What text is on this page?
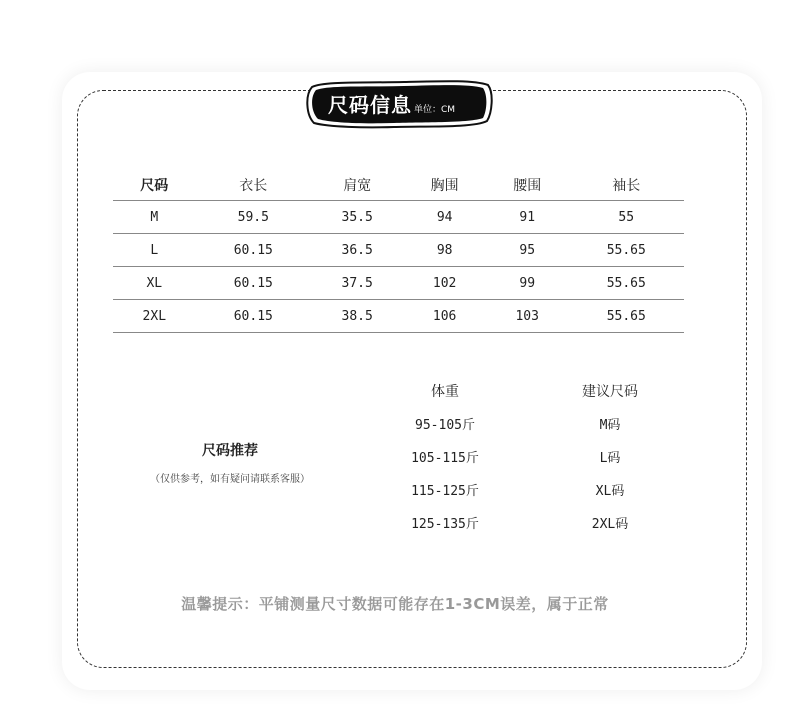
尺码信息 单位：CM
尺码	衣长	肩宽	胸围	腰围	袖长
M	59.5	35.5	94	91	55
L	60.15	36.5	98	95	55.65
XL	60.15	37.5	102	99	55.65
2XL	60.15	38.5	106	103	55.65
尺码推荐
（仅供参考，如有疑问请联系客服）
体重	建议尺码
95-105斤	M码
105-115斤	L码
115-125斤	XL码
125-135斤	2XL码
温馨提示：平铺测量尺寸数据可能存在1-3CM误差，属于正常
